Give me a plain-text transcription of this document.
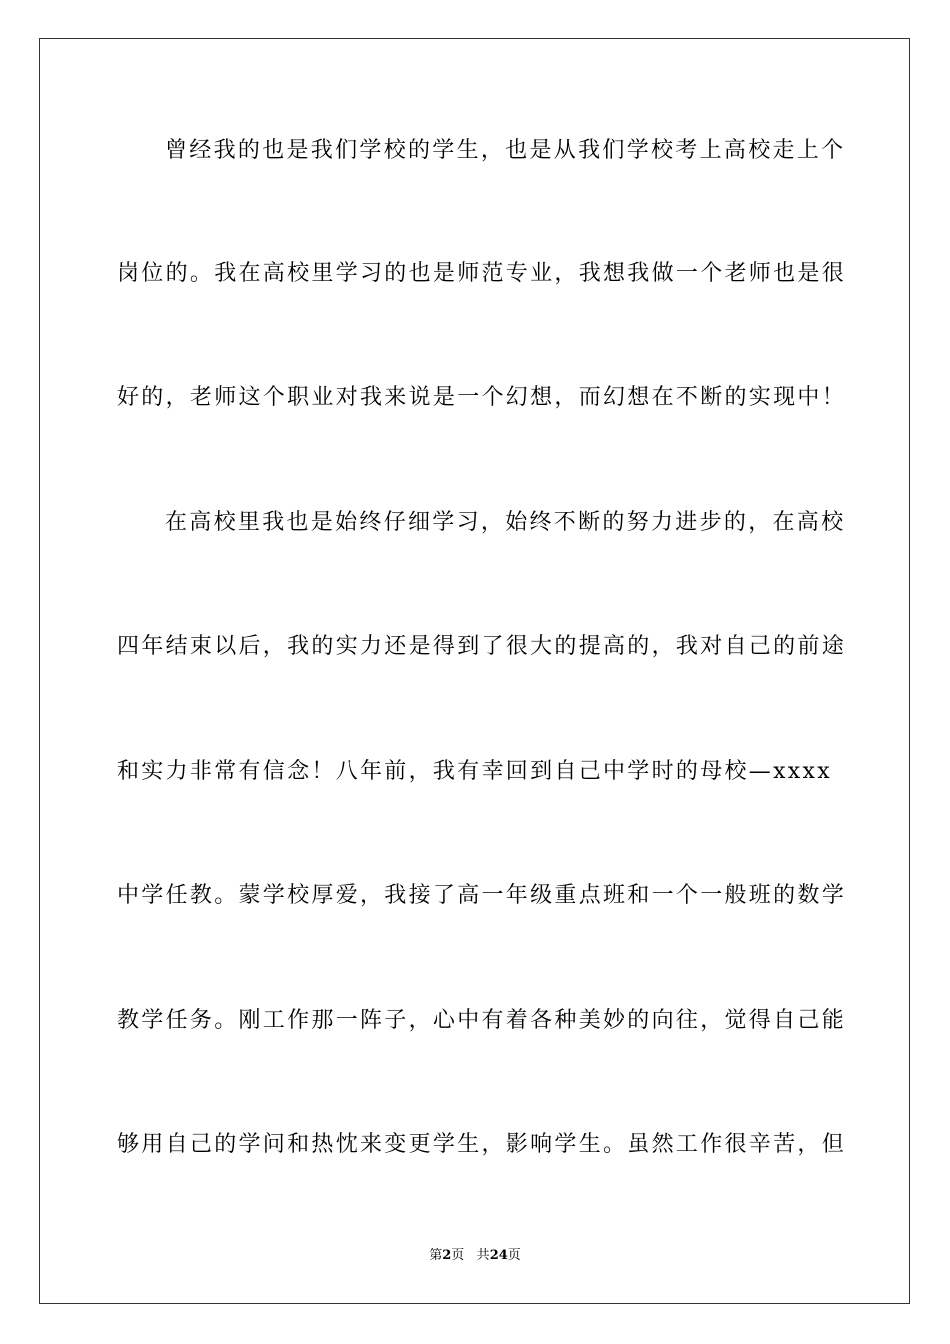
曾经我的也是我们学校的学生，也是从我们学校考上高校走上个
岗位的。我在高校里学习的也是师范专业，我想我做一个老师也是很
好的，老师这个职业对我来说是一个幻想，而幻想在不断的实现中！
在高校里我也是始终仔细学习，始终不断的努力进步的，在高校
四年结束以后，我的实力还是得到了很大的提高的，我对自己的前途
和实力非常有信念！八年前，我有幸回到自己中学时的母校—xxxx
中学任教。蒙学校厚爱，我接了高一年级重点班和一个一般班的数学
教学任务。刚工作那一阵子，心中有着各种美妙的向往，觉得自己能
够用自己的学问和热忱来变更学生，影响学生。虽然工作很辛苦，但
第2页 共24页
